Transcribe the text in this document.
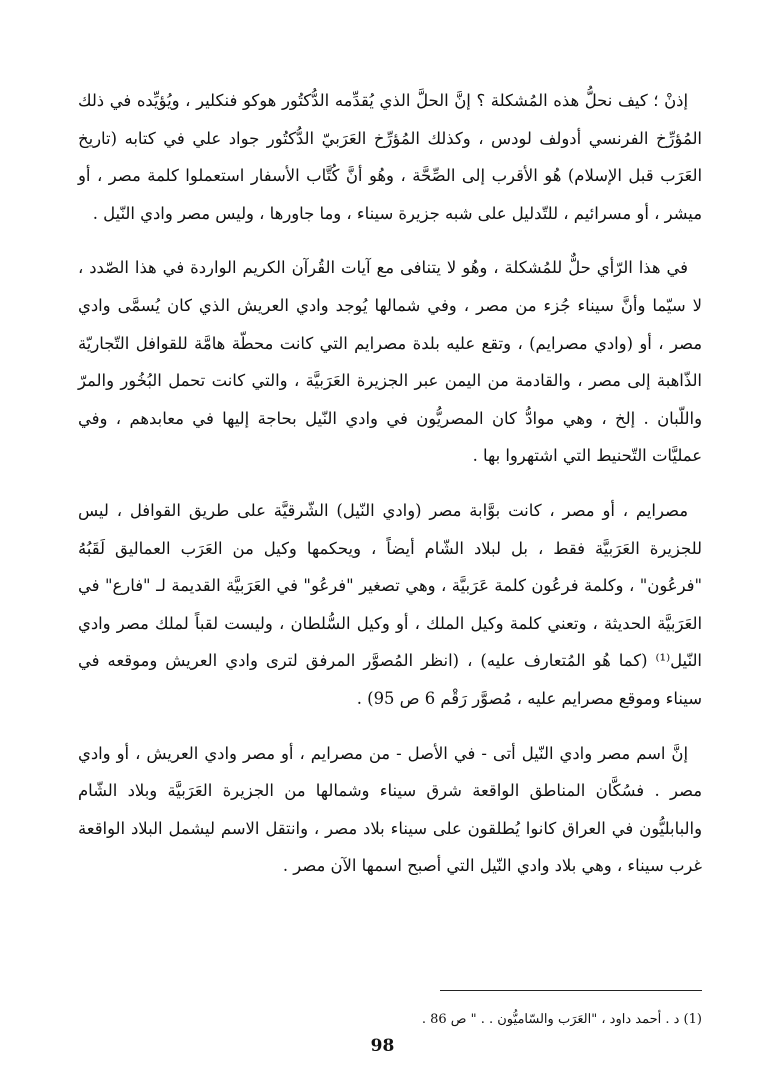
إذنْ ؛ كيف نحلُّ هذه المُشكلة ؟ إنَّ الحلَّ الذي يُقدِّمه الدُّكتُور هوكو فنكلير ، ويُؤيِّده في ذلك المُؤرِّخ الفرنسي أدولف لودس ، وكذلك المُؤرِّخ العَرَبيّ الدُّكتُور جواد علي في كتابه (تاريخ العَرَب قبل الإسلام) هُو الأقرب إلى الصِّحَّة ، وهُو أنَّ كُتَّاب الأسفار استعملوا كلمة مصر ، أو ميشر ، أو مسرائيم ، للتّدليل على شبه جزيرة سيناء ، وما جاورها ، وليس مصر وادي النّيل .

في هذا الرّأي حلٌّ للمُشكلة ، وهُو لا يتنافى مع آيات القُرآن الكريم الواردة في هذا الصّدد ، لا سيّما وأنَّ سيناء جُزء من مصر ، وفي شمالها يُوجد وادي العريش الذي كان يُسمَّى وادي مصر ، أو (وادي مصرايم) ، وتقع عليه بلدة مصرايم التي كانت محطّة هامَّة للقوافل التّجاريّة الذّاهبة إلى مصر ، والقادمة من اليمن عبر الجزيرة العَرَبيَّة ، والتي كانت تحمل البُخُور والمرّ واللّبان . إلخ ، وهي موادُّ كان المصريُّون في وادي النّيل بحاجة إليها في معابدهم ، وفي عمليَّات التّحنيط التي اشتهروا بها .

مصرايم ، أو مصر ، كانت بوَّابة مصر (وادي النّيل) الشّرقيَّة على طريق القوافل ، ليس للجزيرة العَرَبيَّة فقط ، بل لبلاد الشّام أيضاً ، ويحكمها وكيل من العَرَب العماليق لَقَبُهُ "فرعُون" ، وكلمة فرعُون كلمة عَرَبيَّة ، وهي تصغير "فرعُو" في العَرَبيَّة القديمة لـ "فارع" في العَرَبيَّة الحديثة ، وتعني كلمة وكيل الملك ، أو وكيل السُّلطان ، وليست لقباً لملك مصر وادي النّيل⁽¹⁾ (كما هُو المُتعارف عليه) ، (انظر المُصوَّر المرفق لترى وادي العريش وموقعه في سيناء وموقع مصرايم عليه ، مُصوَّر رَقْم 6 ص 95) .

إنَّ اسم مصر وادي النّيل أتى - في الأصل - من مصرايم ، أو مصر وادي العريش ، أو وادي مصر . فسُكَّان المناطق الواقعة شرق سيناء وشمالها من الجزيرة العَرَبيَّة وبلاد الشّام والبابليُّون في العراق كانوا يُطلقون على سيناء بلاد مصر ، وانتقل الاسم ليشمل البلاد الواقعة غرب سيناء ، وهي بلاد وادي النّيل التي أصبح اسمها الآن مصر .

(1) د . أحمد داود ، "العَرَب والسّاميُّون . . " ص 86 .
98
